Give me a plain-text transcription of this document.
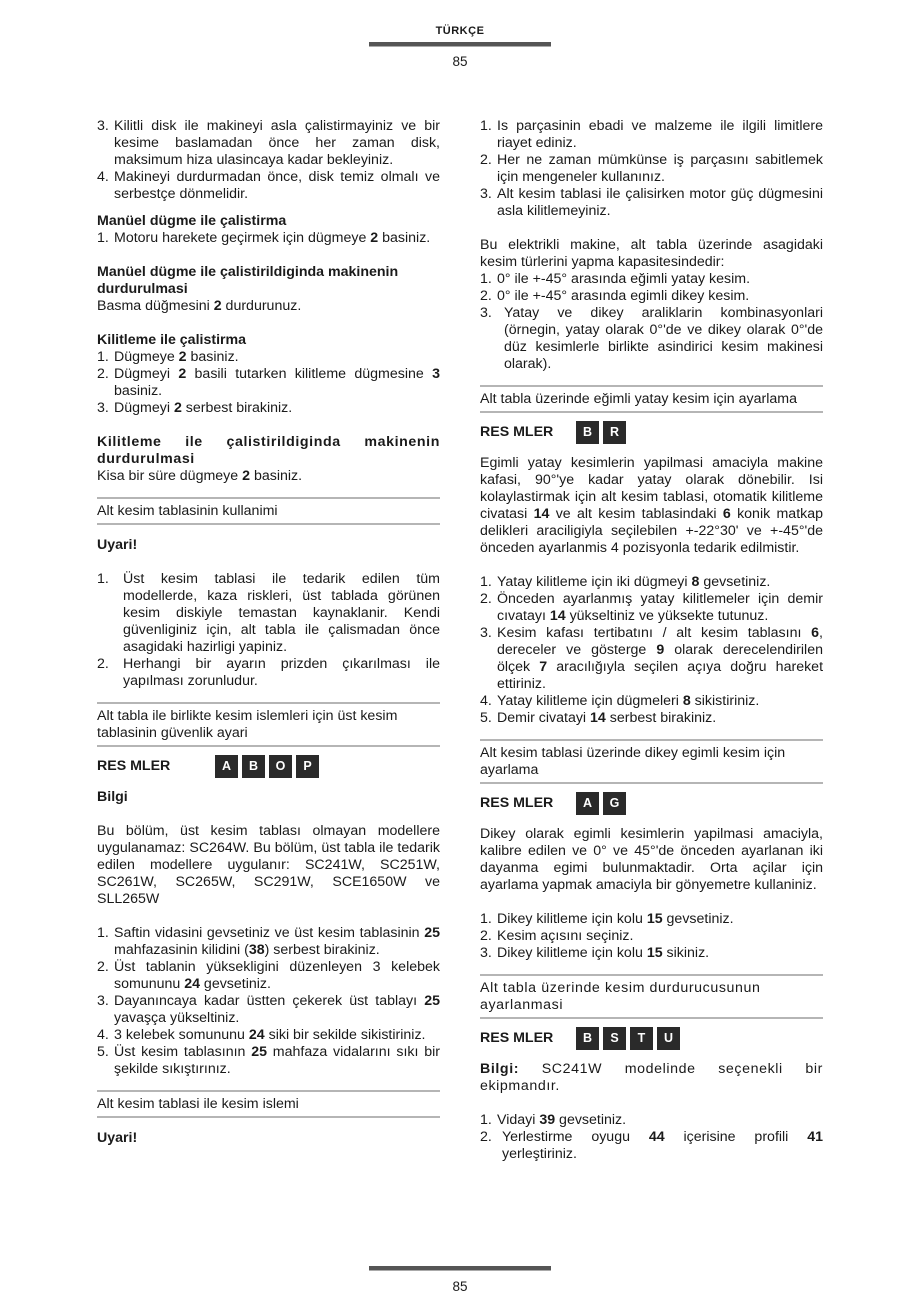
TÜRKÇE
85
3. Kilitli disk ile makineyi asla çalistirmayiniz ve bir kesime baslamadan önce her zaman disk, maksimum hiza ulasincaya kadar bekleyiniz.
4. Makineyi durdurmadan önce, disk temiz olmalı ve serbestçe dönmelidir.
Manüel dügme ile çalistirma
1. Motoru harekete geçirmek için dügmeye 2 basiniz.
Manüel dügme ile çalistirildiginda makinenin durdurulmasi

Basma düğmesini 2 durdurunuz.

Kilitleme ile çalistirma
1. Dügmeye 2 basiniz.
2. Dügmeyi 2 basili tutarken kilitleme dügmesine 3 basiniz.
3. Dügmeyi 2 serbest birakiniz.
Kilitleme ile çalistirildiginda makinenin durdurulmasi

Kisa bir süre dügmeye 2 basiniz.

Alt kesim tablasinin kullanimi
Uyari!
1. Üst kesim tablasi ile tedarik edilen tüm modellerde, kaza riskleri, üst tablada görünen kesim diskiyle temastan kaynaklanir. Kendi güvenliginiz için, alt tabla ile çalismadan önce asagidaki hazirligi yapiniz.
2. Herhangi bir ayarın prizden çıkarılması ile yapılması zorunludur.
Alt tabla ile birlikte kesim islemleri için üst kesim tablasinin güvenlik ayari
RES MLER	A	B	O	P
Bilgi

Bu bölüm, üst kesim tablası olmayan modellere uygulanamaz: SC264W. Bu bölüm, üst tabla ile tedarik edilen modellere uygulanır: SC241W, SC251W, SC261W, SC265W, SC291W, SCE1650W ve SLL265W

1. Saftin vidasini gevsetiniz ve üst kesim tablasinin 25 mahfazasinin kilidini (38) serbest birakiniz.
2. Üst tablanin yüksekligini düzenleyen 3 kelebek somununu 24 gevsetiniz.
3. Dayanıncaya kadar üstten çekerek üst tablayı 25 yavaşça yükseltiniz.
4. 3 kelebek somununu 24 siki bir sekilde sikistiriniz.
5. Üst kesim tablasının 25 mahfaza vidalarını sıkı bir şekilde sıkıştırınız.
Alt kesim tablasi ile kesim islemi
Uyari!
1. Is parçasinin ebadi ve malzeme ile ilgili limitlere riayet ediniz.
2. Her ne zaman mümkünse iş parçasını sabitlemek için mengeneler kullanınız.
3. Alt kesim tablasi ile çalisirken motor güç dügmesini asla kilitlemeyiniz.

Bu elektrikli makine, alt tabla üzerinde asagidaki kesim türlerini yapma kapasitesindedir:

1. 0° ile +-45° arasında eğimli yatay kesim.
2. 0° ile +-45° arasında egimli dikey kesim.
3. Yatay ve dikey araliklarin kombinasyonlari (örnegin, yatay olarak 0°'de ve dikey olarak 0°'de düz kesimlerle birlikte asindirici kesim makinesi olarak).
Alt tabla üzerinde eğimli yatay kesim için ayarlama
RES MLER	B	R

Egimli yatay kesimlerin yapilmasi amaciyla makine kafasi, 90°'ye kadar yatay olarak dönebilir. Isi kolaylastirmak için alt kesim tablasi, otomatik kilitleme civatasi 14 ve alt kesim tablasindaki 6 konik matkap delikleri araciligiyla seçilebilen +-22°30' ve +-45°'de önceden ayarlanmis 4 pozisyonla tedarik edilmistir.

1. Yatay kilitleme için iki dügmeyi 8 gevsetiniz.
2. Önceden ayarlanmış yatay kilitlemeler için demir cıvatayı 14 yükseltiniz ve yüksekte tutunuz.
3. Kesim kafası tertibatını / alt kesim tablasını 6, dereceler ve gösterge 9 olarak derecelendirilen ölçek 7 aracılığıyla seçilen açıya doğru hareket ettiriniz.
4. Yatay kilitleme için dügmeleri 8 sikistiriniz.
5. Demir civatayi 14 serbest birakiniz.
Alt kesim tablasi üzerinde dikey egimli kesim için ayarlama
RES MLER	A	G

Dikey olarak egimli kesimlerin yapilmasi amaciyla, kalibre edilen ve 0° ve 45°'de önceden ayarlanan iki dayanma egimi bulunmaktadir. Orta açilar için ayarlama yapmak amaciyla bir gönyemetre kullaniniz.

1. Dikey kilitleme için kolu 15 gevsetiniz.
2. Kesim açısını seçiniz.
3. Dikey kilitleme için kolu 15 sikiniz.
Alt tabla üzerinde kesim durdurucusunun ayarlanmasi
RES MLER	B	S	T	U

Bilgi: SC241W modelinde seçenekli bir ekipmandır.

1. Vidayi 39 gevsetiniz.
2. Yerlestirme oyugu 44 içerisine profili 41 yerleştiriniz.
85
